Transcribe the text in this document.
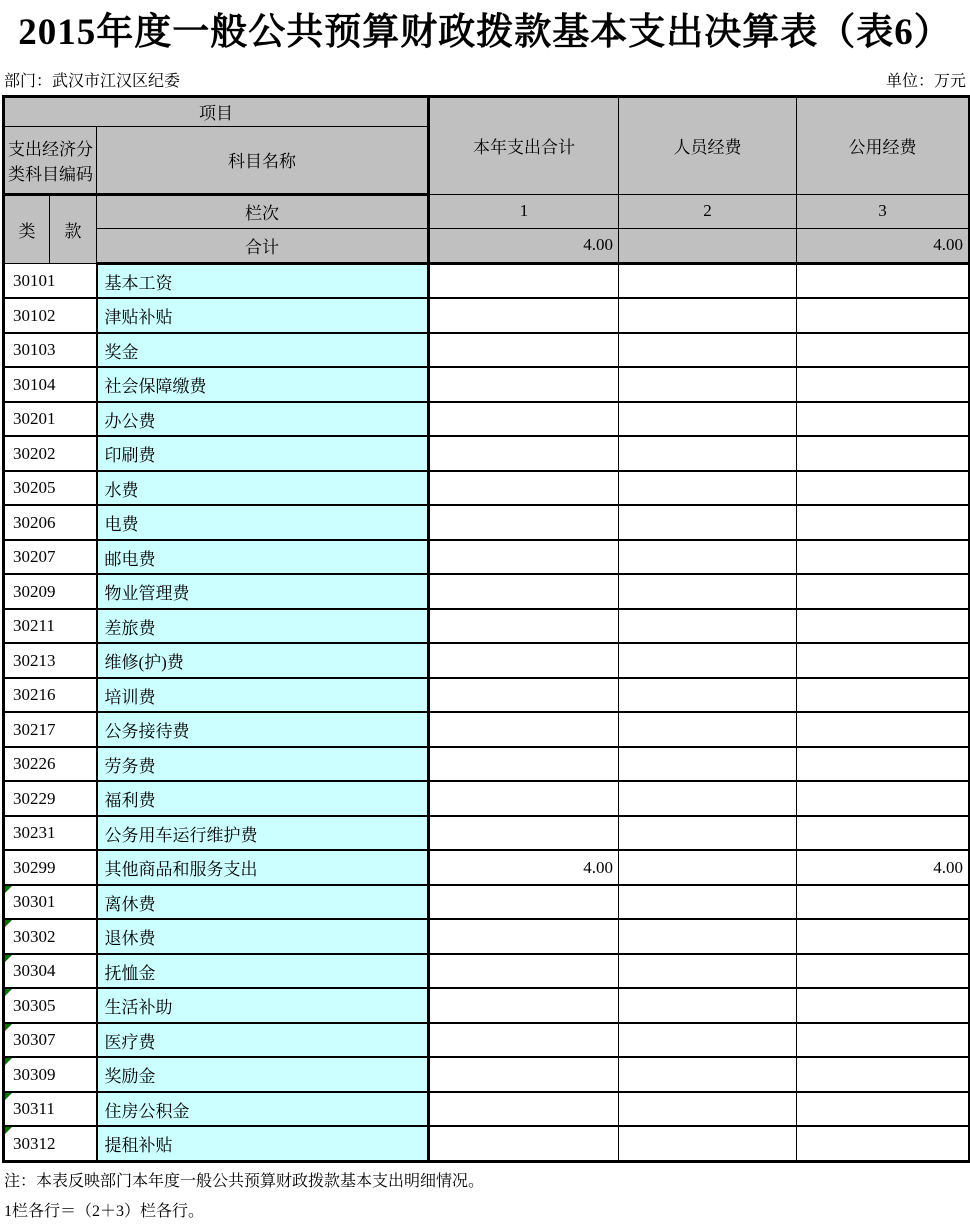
2015年度一般公共预算财政拨款基本支出决算表（表6）
部门：武汉市江汉区纪委	单位：万元
项目			本年支出合计	人员经费	公用经费
支出经济分类科目编码		科目名称			
类	款	栏次	1	2	3
		合计	4.00		4.00
30101		基本工资			
30102		津贴补贴			
30103		奖金			
30104		社会保障缴费			
30201		办公费			
30202		印刷费			
30205		水费			
30206		电费			
30207		邮电费			
30209		物业管理费			
30211		差旅费			
30213		维修(护)费			
30216		培训费			
30217		公务接待费			
30226		劳务费			
30229		福利费			
30231		公务用车运行维护费			
30299		其他商品和服务支出	4.00		4.00

30301		离休费			

30302		退休费			

30304		抚恤金			

30305		生活补助			

30307		医疗费			

30309		奖励金			

30311		住房公积金			

30312		提租补贴			

注：本表反映部门本年度一般公共预算财政拨款基本支出明细情况。

1栏各行＝（2＋3）栏各行。
